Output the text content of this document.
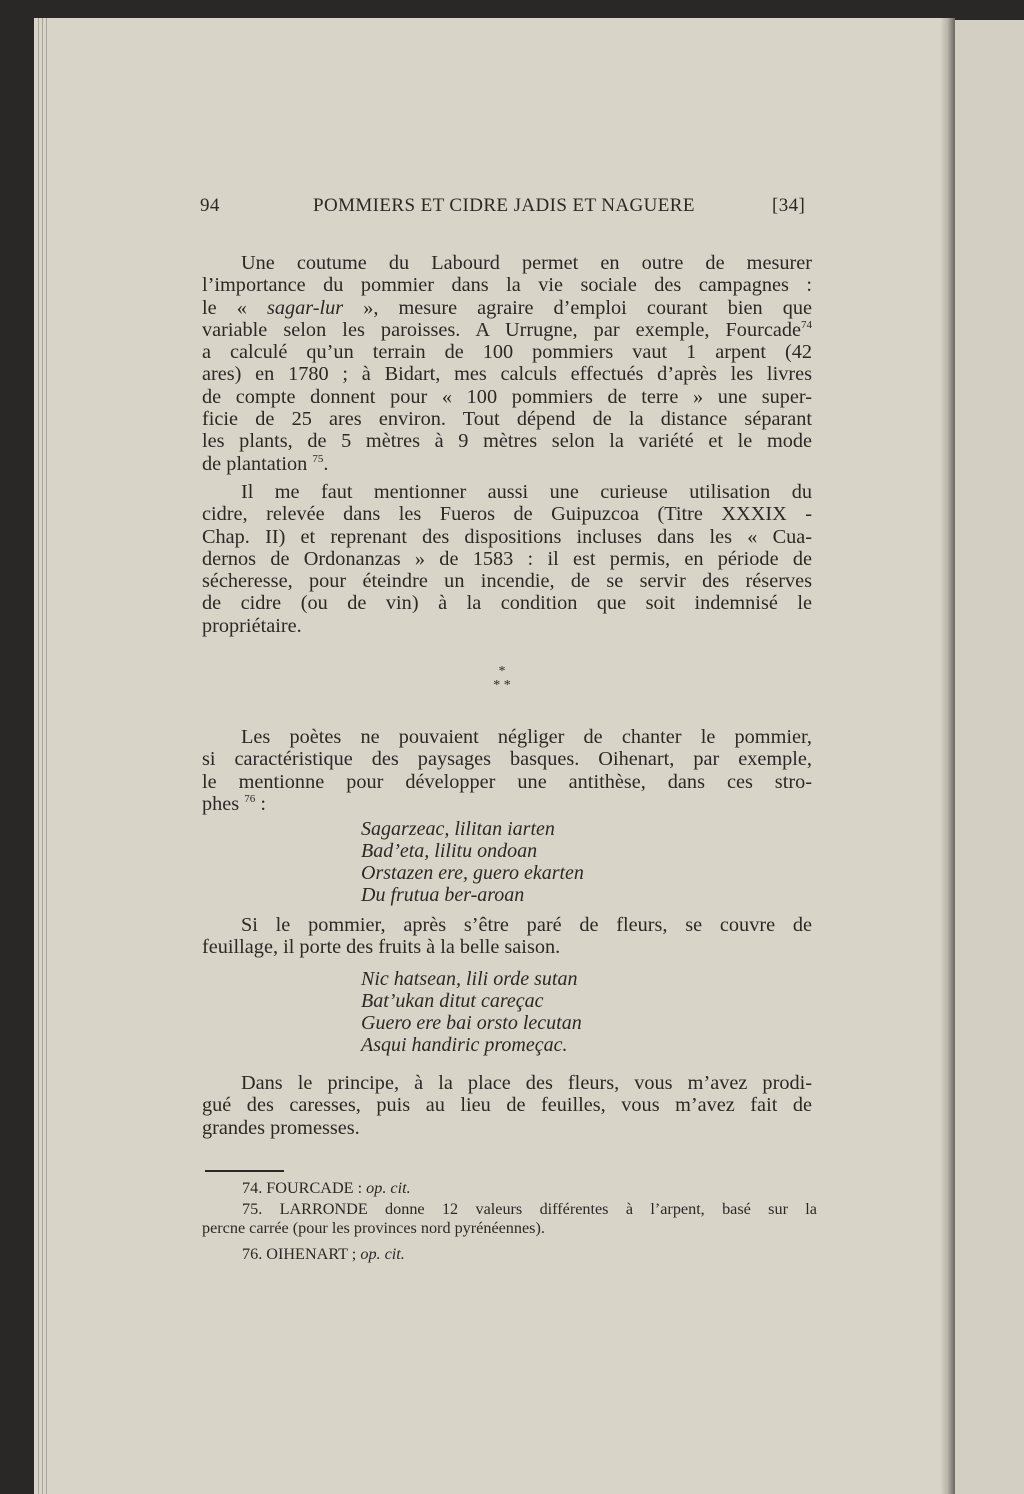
94	POMMIERS ET CIDRE JADIS ET NAGUERE	[34]
Une coutume du Labourd permet en outre de mesurer
l’importance du pommier dans la vie sociale des campagnes :
le « sagar-lur », mesure agraire d’emploi courant bien que
variable selon les paroisses. A Urrugne, par exemple, Fourcade$^{74}$
a calculé qu’un terrain de 100 pommiers vaut 1 arpent (42
ares) en 1780 ; à Bidart, mes calculs effectués d’après les livres
de compte donnent pour « 100 pommiers de terre » une super-
ficie de 25 ares environ. Tout dépend de la distance séparant
les plants, de 5 mètres à 9 mètres selon la variété et le mode
de plantation $^{75}$.
Il me faut mentionner aussi une curieuse utilisation du
cidre, relevée dans les Fueros de Guipuzcoa (Titre XXXIX -
Chap. II) et reprenant des dispositions incluses dans les « Cua-
dernos de Ordonanzas » de 1583 : il est permis, en période de
sécheresse, pour éteindre un incendie, de se servir des réserves
de cidre (ou de vin) à la condition que soit indemnisé le
propriétaire.
*
* *
Les poètes ne pouvaient négliger de chanter le pommier,
si caractéristique des paysages basques. Oihenart, par exemple,
le mentionne pour développer une antithèse, dans ces stro-
phes $^{76}$ :
Sagarzeac, lilitan iarten
Bad’eta, lilitu ondoan
Orstazen ere, guero ekarten
Du frutua ber-aroan
Si le pommier, après s’être paré de fleurs, se couvre de
feuillage, il porte des fruits à la belle saison.
Nic hatsean, lili orde sutan
Bat’ukan ditut careçac
Guero ere bai orsto lecutan
Asqui handiric promeçac.
Dans le principe, à la place des fleurs, vous m’avez prodi-
gué des caresses, puis au lieu de feuilles, vous m’avez fait de
grandes promesses.
74. FOURCADE : op. cit.
75. LARRONDE donne 12 valeurs différentes à l’arpent, basé sur la
percne carrée (pour les provinces nord pyrénéennes).
76. OIHENART ; op. cit.
